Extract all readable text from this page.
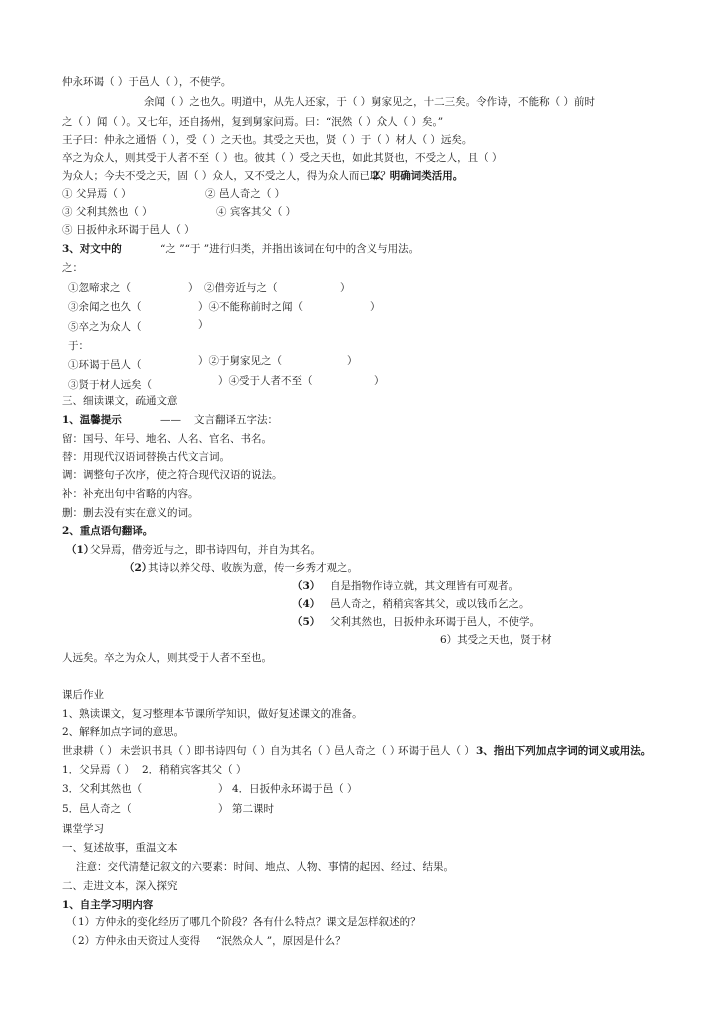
仲永环谒（ ）于邑人（ ），不使学。
余闻（ ）之也久。明道中，从先人还家，于（ ）舅家见之，十二三矣。令作诗，不能称（ ）前时
之（ ）闻（ ）。又七年，还自扬州，复到舅家问焉。曰：“泯然（ ）众人（ ）矣。”
王子曰：仲永之通悟（ ），受（ ）之天也。其受之天也，贤（ ）于（ ）材人（ ）远矣。
卒之为众人，则其受于人者不至（ ）也。彼其（ ）受之天也，如此其贤也，不受之人，且（ ）
为众人；今夫不受之天，固（ ）众人，又不受之人，得为众人而已耶？
2、明确词类活用。
① 父异焉（ ）	② 邑人奇之（ ）
③ 父利其然也（ ）	④ 宾客其父（ ）
⑤ 日扳仲永环谒于邑人（ ）
3、对文中的	“之 ”“于 ”进行归类，并指出该词在句中的含义与用法。
之：
①忽啼求之（	） ②借旁近与之（	）
③余闻之也久（	）④不能称前时之闻（	）
⑤卒之为众人（	）
于：
①环谒于邑人（	）②于舅家见之（	）
③贤于材人远矣（	）④受于人者不至（	）
三、细读课文，疏通文意
1、温馨提示	—— 文言翻译五字法：
留：国号、年号、地名、人名、官名、书名。
替：用现代汉语词替换古代文言词。
调：调整句子次序，使之符合现代汉语的说法。
补：补充出句中省略的内容。
删：删去没有实在意义的词。
2、重点语句翻译。
（1）
父异焉，借旁近与之，即书诗四句，并自为其名。
（2）
其诗以养父母、收族为意，传一乡秀才观之。
（3） 自是指物作诗立就，其文理皆有可观者。
（4） 邑人奇之，稍稍宾客其父，或以钱币乞之。
（5） 父利其然也，日扳仲永环谒于邑人，不使学。
6）其受之天也，贤于材
人远矣。卒之为众人，则其受于人者不至也。
课后作业
1、熟读课文，复习整理本节课所学知识，做好复述课文的准备。
2、解释加点字词的意思。
世隶耕（ ） 未尝识书具（ ）
即书诗四句（ ） 自为其名（ ）
邑人奇之（ ）
环谒于邑人（ ） 3、指出下列加点字词的词义或用法。
1．父异焉（ ） 2．稍稍宾客其父（ ）
3．父利其然也（	） 4．日扳仲永环谒于邑（ ）
5．邑人奇之（	） 第二课时
课堂学习
一、复述故事，重温文本
注意：交代清楚记叙文的六要素：时间、地点、人物、事情的起因、经过、结果。
二、走进文本，深入探究
1、自主学习明内容
（ 1）方仲永的变化经历了哪几个阶段？各有什么特点？课文是怎样叙述的？
（ 2）方仲永由天资过人变得 “泯然众人 ”，原因是什么？
